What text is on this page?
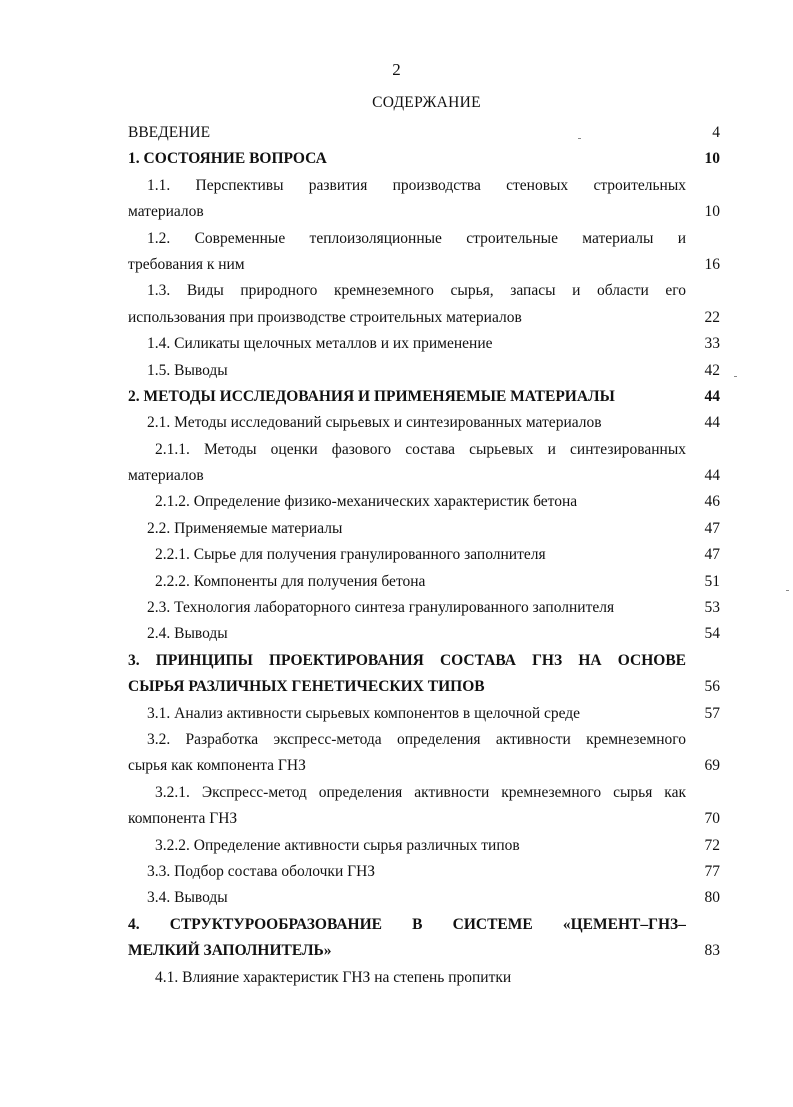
2
СОДЕРЖАНИЕ
ВВЕДЕНИЕ	4
1. СОСТОЯНИЕ ВОПРОСА	10
1.1. Перспективы развития производства стеновых строительных
материалов	10
1.2. Современные теплоизоляционные строительные материалы и
требования к ним	16
1.3. Виды природного кремнеземного сырья, запасы и области его
использования при производстве строительных материалов	22
1.4. Силикаты щелочных металлов и их применение	33
1.5. Выводы	42
2. МЕТОДЫ ИССЛЕДОВАНИЯ И ПРИМЕНЯЕМЫЕ МАТЕРИАЛЫ	44
2.1. Методы исследований сырьевых и синтезированных материалов	44
2.1.1. Методы оценки фазового состава сырьевых и синтезированных
материалов	44
2.1.2. Определение физико-механических характеристик бетона	46
2.2. Применяемые материалы	47
2.2.1. Сырье для получения гранулированного заполнителя	47
2.2.2. Компоненты для получения бетона	51
2.3. Технология лабораторного синтеза гранулированного заполнителя	53
2.4. Выводы	54
3. ПРИНЦИПЫ ПРОЕКТИРОВАНИЯ СОСТАВА ГНЗ НА ОСНОВЕ
СЫРЬЯ РАЗЛИЧНЫХ ГЕНЕТИЧЕСКИХ ТИПОВ	56
3.1. Анализ активности сырьевых компонентов в щелочной среде	57
3.2. Разработка экспресс-метода определения активности кремнеземного
сырья как компонента ГНЗ	69
3.2.1. Экспресс-метод определения активности кремнеземного сырья как
компонента ГНЗ	70
3.2.2. Определение активности сырья различных типов	72
3.3. Подбор состава оболочки ГНЗ	77
3.4. Выводы	80
4. СТРУКТУРООБРАЗОВАНИЕ В СИСТЕМЕ «ЦЕМЕНТ–ГНЗ–
МЕЛКИЙ ЗАПОЛНИТЕЛЬ»	83
4.1. Влияние характеристик ГНЗ на степень пропитки
